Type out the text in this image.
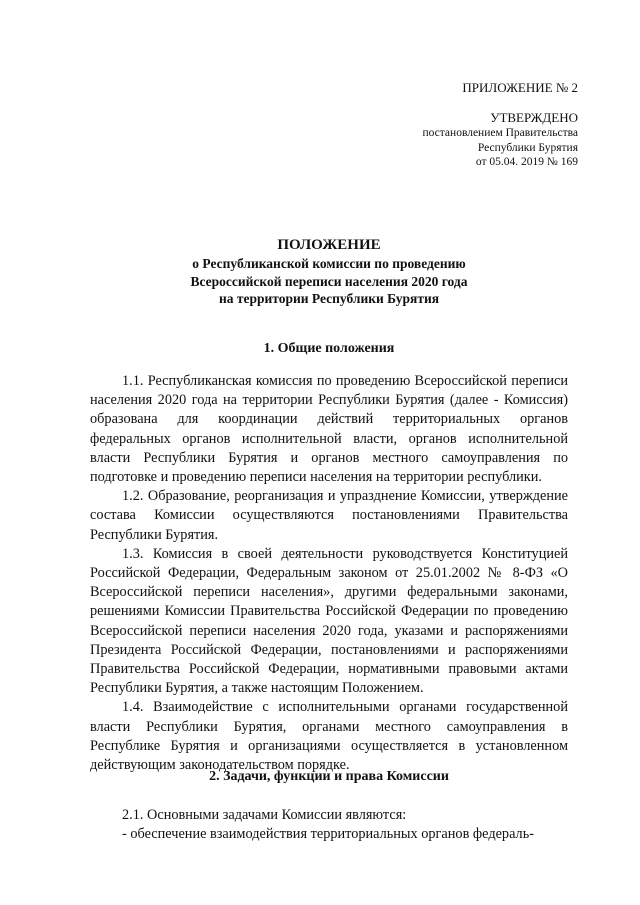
ПРИЛОЖЕНИЕ № 2
УТВЕРЖДЕНО
постановлением Правительства
Республики Бурятия
от 05.04. 2019 № 169
ПОЛОЖЕНИЕ
о Республиканской комиссии по проведению
Всероссийской переписи населения 2020 года
на территории Республики Бурятия
1. Общие положения

1.1. Республиканская комиссия по проведению Всероссийской переписи населения 2020 года на территории Республики Бурятия (далее - Комиссия) образована для координации действий территориальных органов федеральных органов исполнительной власти, органов исполнительной власти Республики Бурятия и органов местного самоуправления по подготовке и проведению переписи населения на территории республики.

1.2. Образование, реорганизация и упразднение Комиссии, утверждение состава Комиссии осуществляются постановлениями Правительства Республики Бурятия.

1.3. Комиссия в своей деятельности руководствуется Конституцией Российской Федерации, Федеральным законом от 25.01.2002 № 8-ФЗ «О Всероссийской переписи населения», другими федеральными законами, решениями Комиссии Правительства Российской Федерации по проведению Всероссийской переписи населения 2020 года, указами и распоряжениями Президента Российской Федерации, постановлениями и распоряжениями Правительства Российской Федерации, нормативными правовыми актами Республики Бурятия, а также настоящим Положением.

1.4. Взаимодействие с исполнительными органами государственной власти Республики Бурятия, органами местного самоуправления в Республике Бурятия и организациями осуществляется в установленном действующим законодательством порядке.

2. Задачи, функции и права Комиссии

2.1. Основными задачами Комиссии являются:

- обеспечение взаимодействия территориальных органов федераль-
